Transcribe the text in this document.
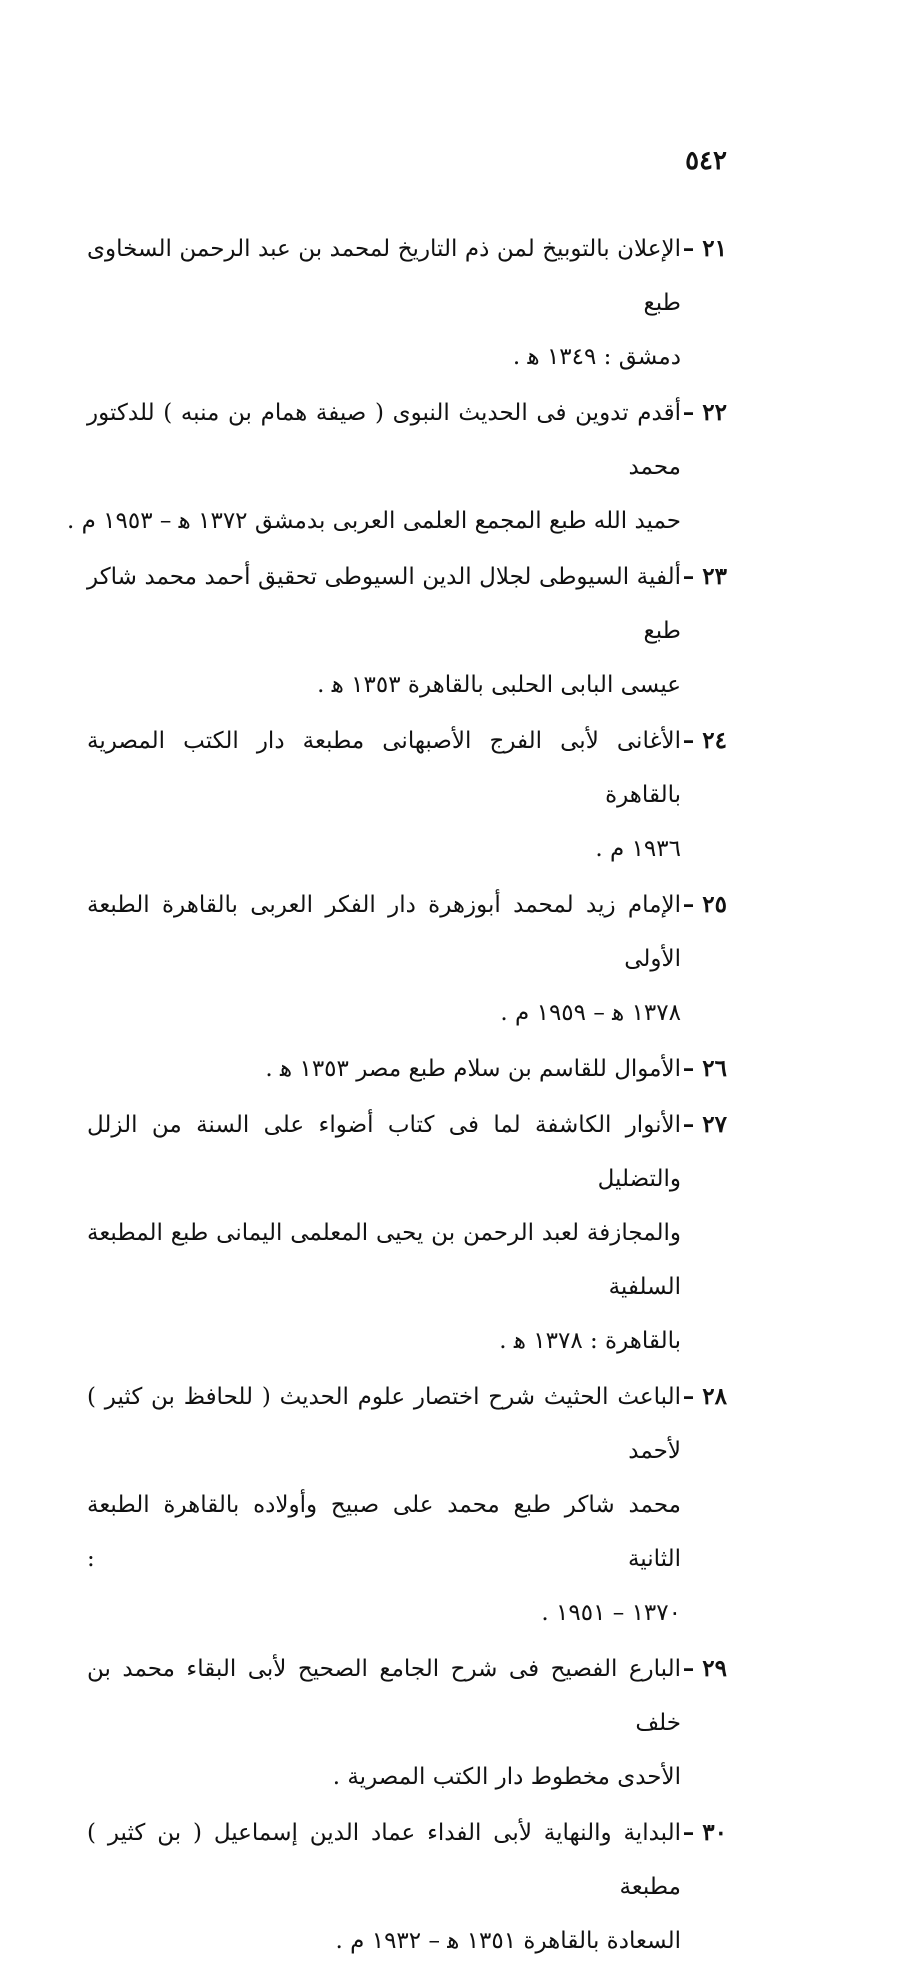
٥٤٢
٢١ –
الإعلان بالتوبيخ لمن ذم التاريخ لمحمد بن عبد الرحمن السخاوى طبع
دمشق : ١٣٤٩ ﻫ .
٢٢ –
أقدم تدوين فى الحديث النبوى ( صيفة همام بن منبه ) للدكتور محمد
حميد الله طبع المجمع العلمى العربى بدمشق ١٣٧٢ ﻫ – ١٩٥٣ م .
٢٣ –
ألفية السيوطى لجلال الدين السيوطى تحقيق أحمد محمد شاكر طبع
عيسى البابى الحلبى بالقاهرة ١٣٥٣ ﻫ .
٢٤ –
الأغانى لأبى الفرج الأصبهانى مطبعة دار الكتب المصرية بالقاهرة
١٩٣٦ م .
٢٥ –
الإمام زيد لمحمد أبوزهرة دار الفكر العربى بالقاهرة الطبعة الأولى
١٣٧٨ ﻫ – ١٩٥٩ م .
٢٦ –
الأموال للقاسم بن سلام طبع مصر ١٣٥٣ ﻫ .
٢٧ –
الأنوار الكاشفة لما فى كتاب أضواء على السنة من الزلل والتضليل
والمجازفة لعبد الرحمن بن يحيى المعلمى اليمانى طبع المطبعة السلفية
بالقاهرة : ١٣٧٨ ﻫ .
٢٨ –
الباعث الحثيث شرح اختصار علوم الحديث ( للحافظ بن كثير ) لأحمد
محمد شاكر طبع محمد على صبيح وأولاده بالقاهرة الطبعة الثانية :
١٣٧٠ – ١٩٥١ .
٢٩ –
البارع الفصيح فى شرح الجامع الصحيح لأبى البقاء محمد بن خلف
الأحدى مخطوط دار الكتب المصرية .
٣٠ –
البداية والنهاية لأبى الفداء عماد الدين إسماعيل ( بن كثير ) مطبعة
السعادة بالقاهرة ١٣٥١ ﻫ – ١٩٣٢ م .
